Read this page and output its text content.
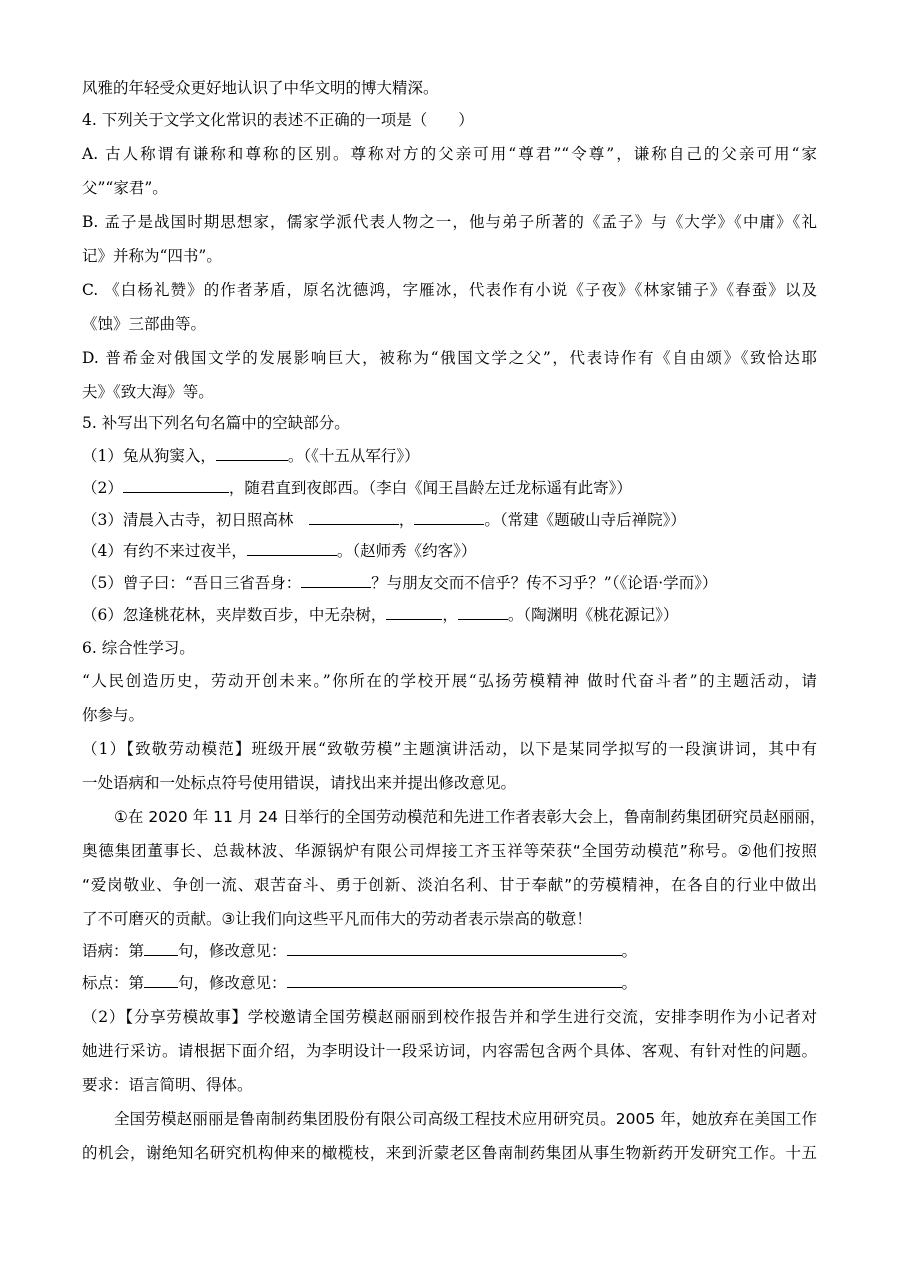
风雅的年轻受众更好地认识了中华文明的博大精深。
4. 下列关于文学文化常识的表述不正确的一项是（　　）
A. 古人称谓有谦称和尊称的区别。尊称对方的父亲可用“尊君”“令尊”，谦称自己的父亲可用“家
父”“家君”。
B. 孟子是战国时期思想家，儒家学派代表人物之一，他与弟子所著的《孟子》与《大学》《中庸》《礼
记》并称为“四书”。
C. 《白杨礼赞》的作者茅盾，原名沈德鸿，字雁冰，代表作有小说《子夜》《林家铺子》《春蚕》以及
《蚀》三部曲等。
D. 普希金对俄国文学的发展影响巨大，被称为“俄国文学之父”，代表诗作有《自由颂》《致恰达耶
夫》《致大海》等。
5. 补写出下列名句名篇中的空缺部分。
（1）兔从狗窦入，	。（《十五从军行》）
（2）	，随君直到夜郎西。（李白《闻王昌龄左迁龙标遥有此寄》）
（3）清晨入古寺，初日照高林　	，	。（常建《题破山寺后禅院》）
（4）有约不来过夜半，	。（赵师秀《约客》）
（5）曾子曰：“吾日三省吾身：	？与朋友交而不信乎？传不习乎？”（《论语·学而》）
（6）忽逢桃花林，夹岸数百步，中无杂树，	，	。（陶渊明《桃花源记》）
6. 综合性学习。
“人民创造历史，劳动开创未来。”你所在的学校开展“弘扬劳模精神 做时代奋斗者”的主题活动，请
你参与。
（1）【致敬劳动模范】班级开展“致敬劳模”主题演讲活动，以下是某同学拟写的一段演讲词，其中有
一处语病和一处标点符号使用错误，请找出来并提出修改意见。
①在 2020 年 11 月 24 日举行的全国劳动模范和先进工作者表彰大会上，鲁南制药集团研究员赵丽丽，
奥德集团董事长、总裁林波、华源锅炉有限公司焊接工齐玉祥等荣获“全国劳动模范”称号。②他们按照
“爱岗敬业、争创一流、艰苦奋斗、勇于创新、淡泊名利、甘于奉献”的劳模精神，在各自的行业中做出
了不可磨灭的贡献。③让我们向这些平凡而伟大的劳动者表示崇高的敬意！
语病：第 句，修改意见：	。
标点：第 句，修改意见：	。
（2）【分享劳模故事】学校邀请全国劳模赵丽丽到校作报告并和学生进行交流，安排李明作为小记者对
她进行采访。请根据下面介绍，为李明设计一段采访词，内容需包含两个具体、客观、有针对性的问题。
要求：语言简明、得体。
全国劳模赵丽丽是鲁南制药集团股份有限公司高级工程技术应用研究员。2005 年，她放弃在美国工作
的机会，谢绝知名研究机构伸来的橄榄枝，来到沂蒙老区鲁南制药集团从事生物新药开发研究工作。十五
